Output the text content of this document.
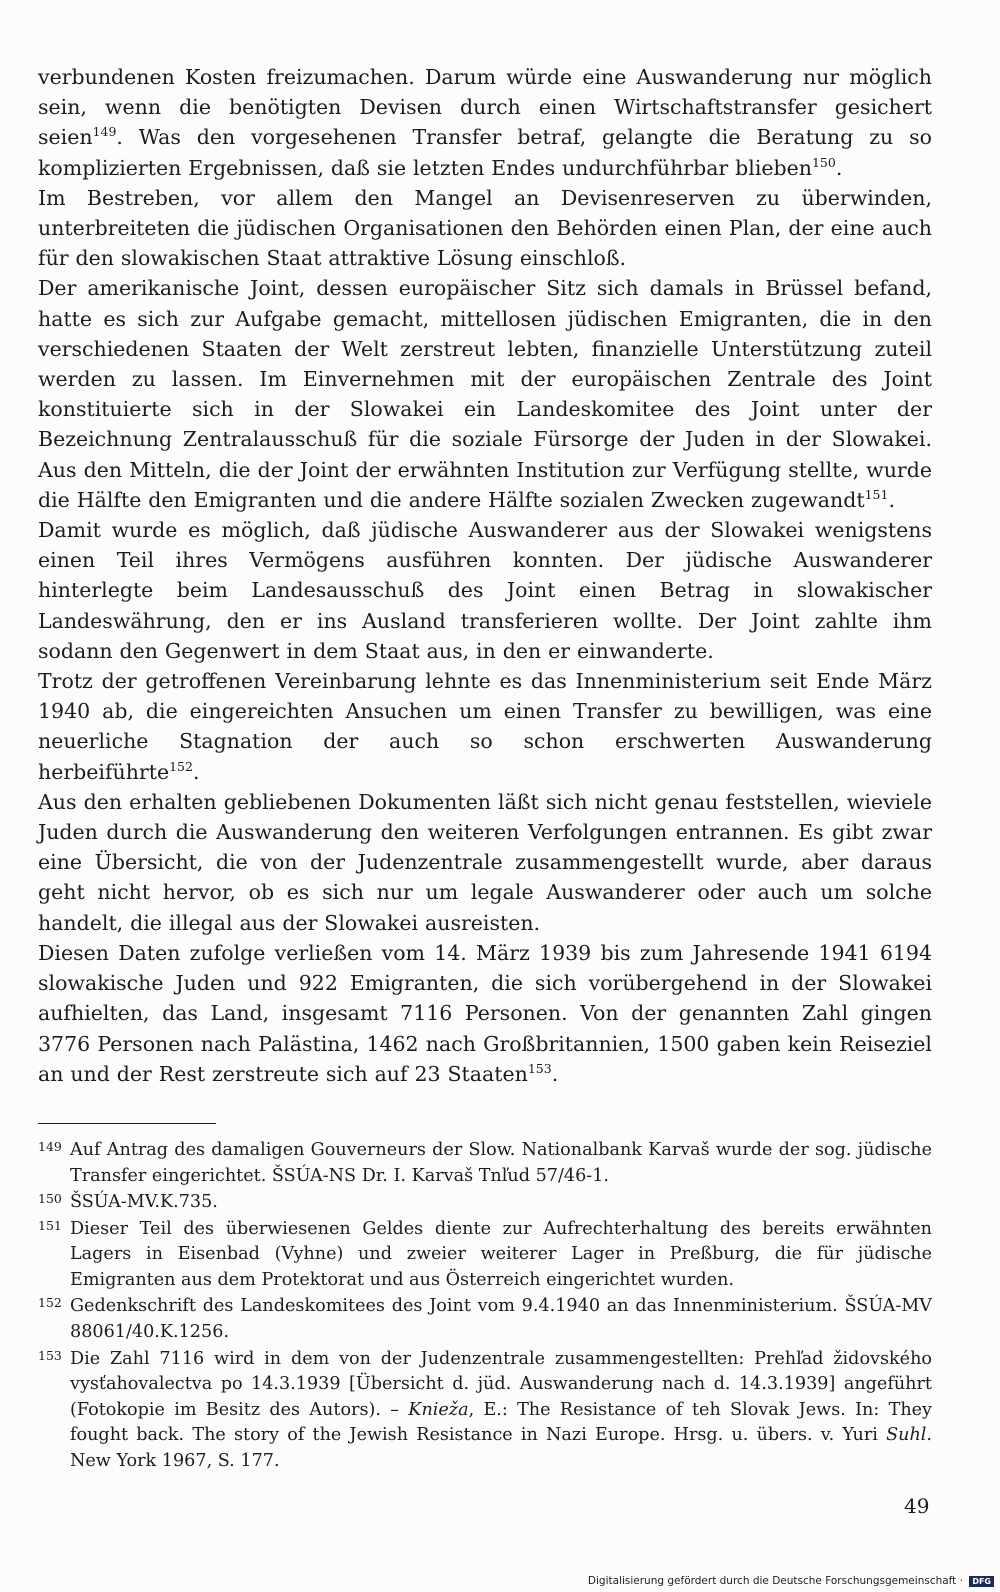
verbundenen Kosten freizumachen. Darum würde eine Auswanderung nur möglich sein, wenn die benötigten Devisen durch einen Wirtschaftstransfer gesichert seien$^{149}$. Was den vorgesehenen Transfer betraf, gelangte die Beratung zu so komplizierten Ergebnissen, daß sie letzten Endes undurchführbar blieben$^{150}$.

Im Bestreben, vor allem den Mangel an Devisenreserven zu überwinden, unterbreiteten die jüdischen Organisationen den Behörden einen Plan, der eine auch für den slowakischen Staat attraktive Lösung einschloß.

Der amerikanische Joint, dessen europäischer Sitz sich damals in Brüssel befand, hatte es sich zur Aufgabe gemacht, mittellosen jüdischen Emigranten, die in den verschiedenen Staaten der Welt zerstreut lebten, finanzielle Unterstützung zuteil werden zu lassen. Im Einvernehmen mit der europäischen Zentrale des Joint konstituierte sich in der Slowakei ein Landeskomitee des Joint unter der Bezeichnung Zentralausschuß für die soziale Fürsorge der Juden in der Slowakei. Aus den Mitteln, die der Joint der erwähnten Institution zur Verfügung stellte, wurde die Hälfte den Emigranten und die andere Hälfte sozialen Zwecken zugewandt$^{151}$.

Damit wurde es möglich, daß jüdische Auswanderer aus der Slowakei wenigstens einen Teil ihres Vermögens ausführen konnten. Der jüdische Auswanderer hinterlegte beim Landesausschuß des Joint einen Betrag in slowakischer Landeswährung, den er ins Ausland transferieren wollte. Der Joint zahlte ihm sodann den Gegenwert in dem Staat aus, in den er einwanderte.

Trotz der getroffenen Vereinbarung lehnte es das Innenministerium seit Ende März 1940 ab, die eingereichten Ansuchen um einen Transfer zu bewilligen, was eine neuerliche Stagnation der auch so schon erschwerten Auswanderung herbeiführte$^{152}$.

Aus den erhalten gebliebenen Dokumenten läßt sich nicht genau feststellen, wieviele Juden durch die Auswanderung den weiteren Verfolgungen entrannen. Es gibt zwar eine Übersicht, die von der Judenzentrale zusammengestellt wurde, aber daraus geht nicht hervor, ob es sich nur um legale Auswanderer oder auch um solche handelt, die illegal aus der Slowakei ausreisten.

Diesen Daten zufolge verließen vom 14. März 1939 bis zum Jahresende 1941 6194 slowakische Juden und 922 Emigranten, die sich vorübergehend in der Slowakei aufhielten, das Land, insgesamt 7116 Personen. Von der genannten Zahl gingen 3776 Personen nach Palästina, 1462 nach Großbritannien, 1500 gaben kein Reiseziel an und der Rest zerstreute sich auf 23 Staaten$^{153}$.

149 Auf Antrag des damaligen Gouverneurs der Slow. Nationalbank Karvaš wurde der sog. jüdische Transfer eingerichtet. ŠSÚA-NS Dr. I. Karvaš Tnľud 57/46-1.
150 ŠSÚA-MV.K.735.
151 Dieser Teil des überwiesenen Geldes diente zur Aufrechterhaltung des bereits erwähnten Lagers in Eisenbad (Vyhne) und zweier weiterer Lager in Preßburg, die für jüdische Emigranten aus dem Protektorat und aus Österreich eingerichtet wurden.
152 Gedenkschrift des Landeskomitees des Joint vom 9.4.1940 an das Innenministerium. ŠSÚA-MV 88061/40.K.1256.
153 Die Zahl 7116 wird in dem von der Judenzentrale zusammengestellten: Prehľad židovského vysťahovalectva po 14.3.1939 [Übersicht d. jüd. Auswanderung nach d. 14.3.1939] angeführt (Fotokopie im Besitz des Autors). – Knieža, E.: The Resistance of teh Slovak Jews. In: They fought back. The story of the Jewish Resistance in Nazi Europe. Hrsg. u. übers. v. Yuri Suhl. New York 1967, S. 177.
49
Digitalisierung gefördert durch die Deutsche Forschungsgemeinschaft · DFG
